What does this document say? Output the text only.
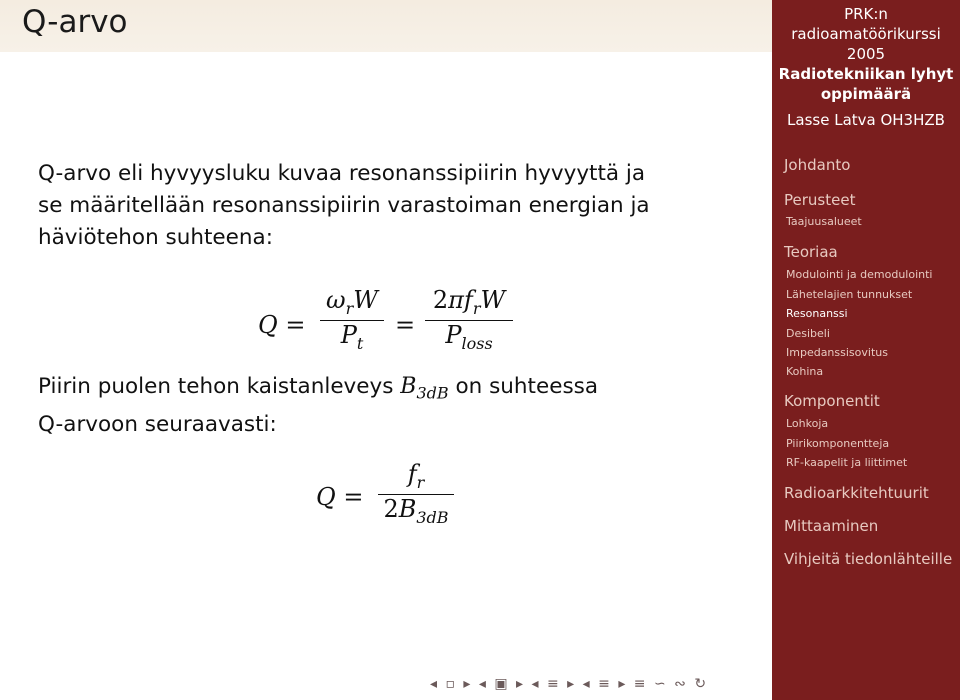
Q-arvo	PRK:n
radioamatöörikurssi
2005
Radiotekniikan lyhyt
oppimäärä
Lasse Latva OH3HZB
Johdanto
Perusteet
Taajuusalueet
Teoriaa
Modulointi ja demodulointi
Lähetelajien tunnukset
Resonanssi
Desibeli
Impedanssisovitus
Kohina
Komponentit
Lohkoja
Piirikomponentteja
RF-kaapelit ja liittimet
Radioarkkitehtuurit
Mittaaminen
Vihjeitä tiedonlähteille
Q-arvo eli hyvyysluku kuvaa resonanssipiirin hyvyyttä ja
se määritellään resonanssipiirin varastoiman energian ja
häviötehon suhteena:
Q =
$\omega_rW$
$P_t$
=
$2\pi f_rW$
$P_{loss}$
Piirin puolen tehon kaistanleveys $B_{3dB}$ on suhteessa
Q-arvoon seuraavasti:
Q =
$f_r$
$2B_{3dB}$
◂ ▫ ▸ ◂ ▣ ▸ ◂ ≡ ▸ ◂ ≡ ▸ ≡ ∽ ∾ ↻
